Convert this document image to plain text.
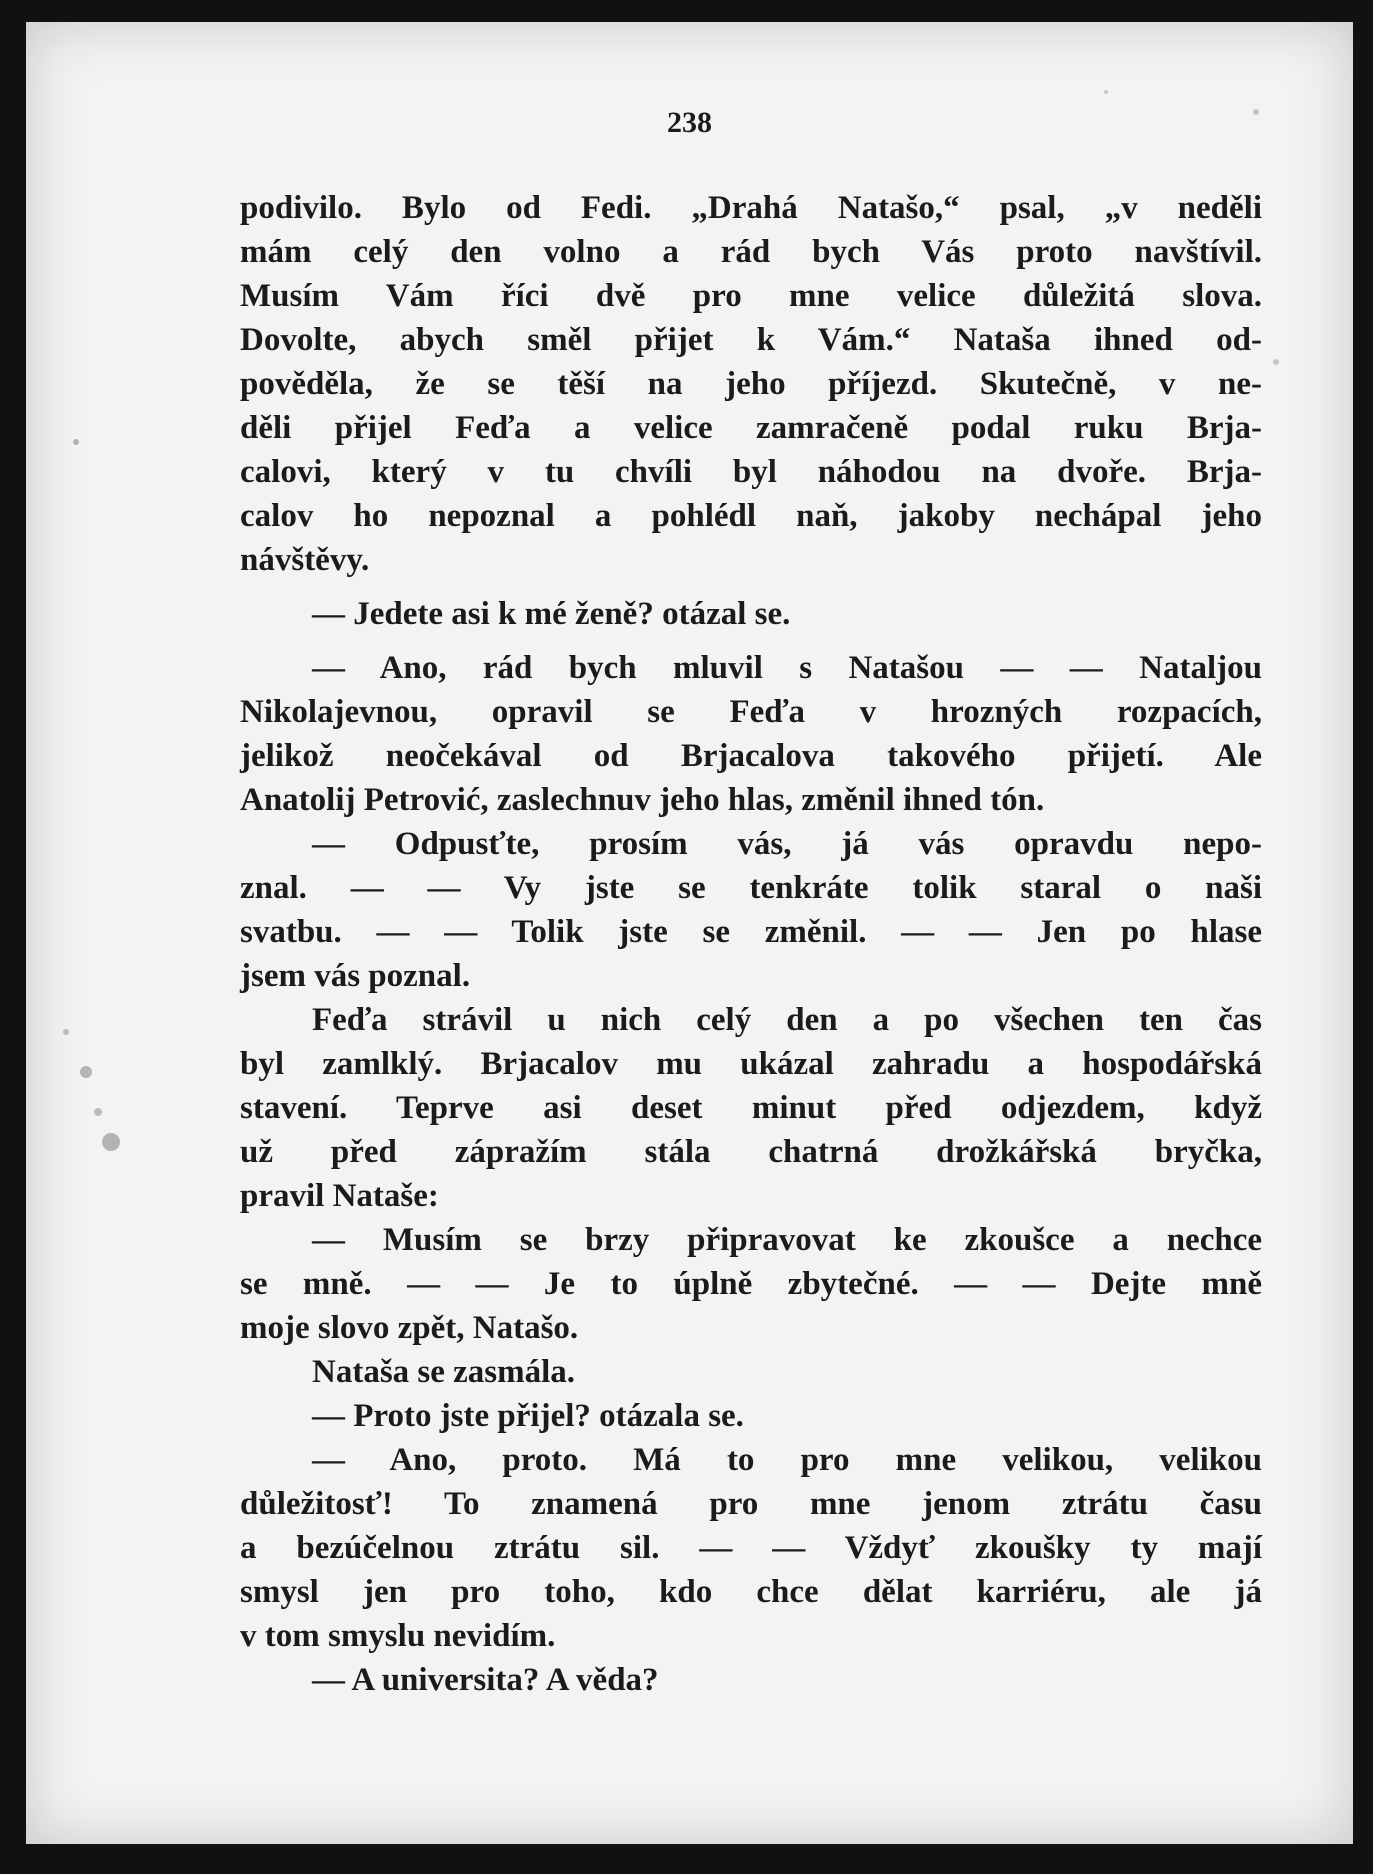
238
podivilo. Bylo od Fedi. „Drahá Natašo,“ psal, „v neděli
mám celý den volno a rád bych Vás proto navštívil.
Musím Vám říci dvě pro mne velice důležitá slova.
Dovolte, abych směl přijet k Vám.“ Nataša ihned od-
pověděla, že se těší na jeho příjezd. Skutečně, v ne-
děli přijel Feďa a velice zamračeně podal ruku Brja-
calovi, který v tu chvíli byl náhodou na dvoře. Brja-
calov ho nepoznal a pohlédl naň, jakoby nechápal jeho
návštěvy.
— Jedete asi k mé ženě? otázal se.
— Ano, rád bych mluvil s Natašou — — Nataljou
Nikolajevnou, opravil se Feďa v hrozných rozpacích,
jelikož neočekával od Brjacalova takového přijetí. Ale
Anatolij Petrović, zaslechnuv jeho hlas, změnil ihned tón.
— Odpusťte, prosím vás, já vás opravdu nepo-
znal. — — Vy jste se tenkráte tolik staral o naši
svatbu. — — Tolik jste se změnil. — — Jen po hlase
jsem vás poznal.
Feďa strávil u nich celý den a po všechen ten čas
byl zamlklý. Brjacalov mu ukázal zahradu a hospodářská
stavení. Teprve asi deset minut před odjezdem, když
už před zápražím stála chatrná drožkářská bryčka,
pravil Nataše:
— Musím se brzy připravovat ke zkoušce a nechce
se mně. — — Je to úplně zbytečné. — — Dejte mně
moje slovo zpět, Natašo.
Nataša se zasmála.
— Proto jste přijel? otázala se.
— Ano, proto. Má to pro mne velikou, velikou
důležitosť! To znamená pro mne jenom ztrátu času
a bezúčelnou ztrátu sil. — — Vždyť zkoušky ty mají
smysl jen pro toho, kdo chce dělat karriéru, ale já
v tom smyslu nevidím.
— A universita? A věda?
